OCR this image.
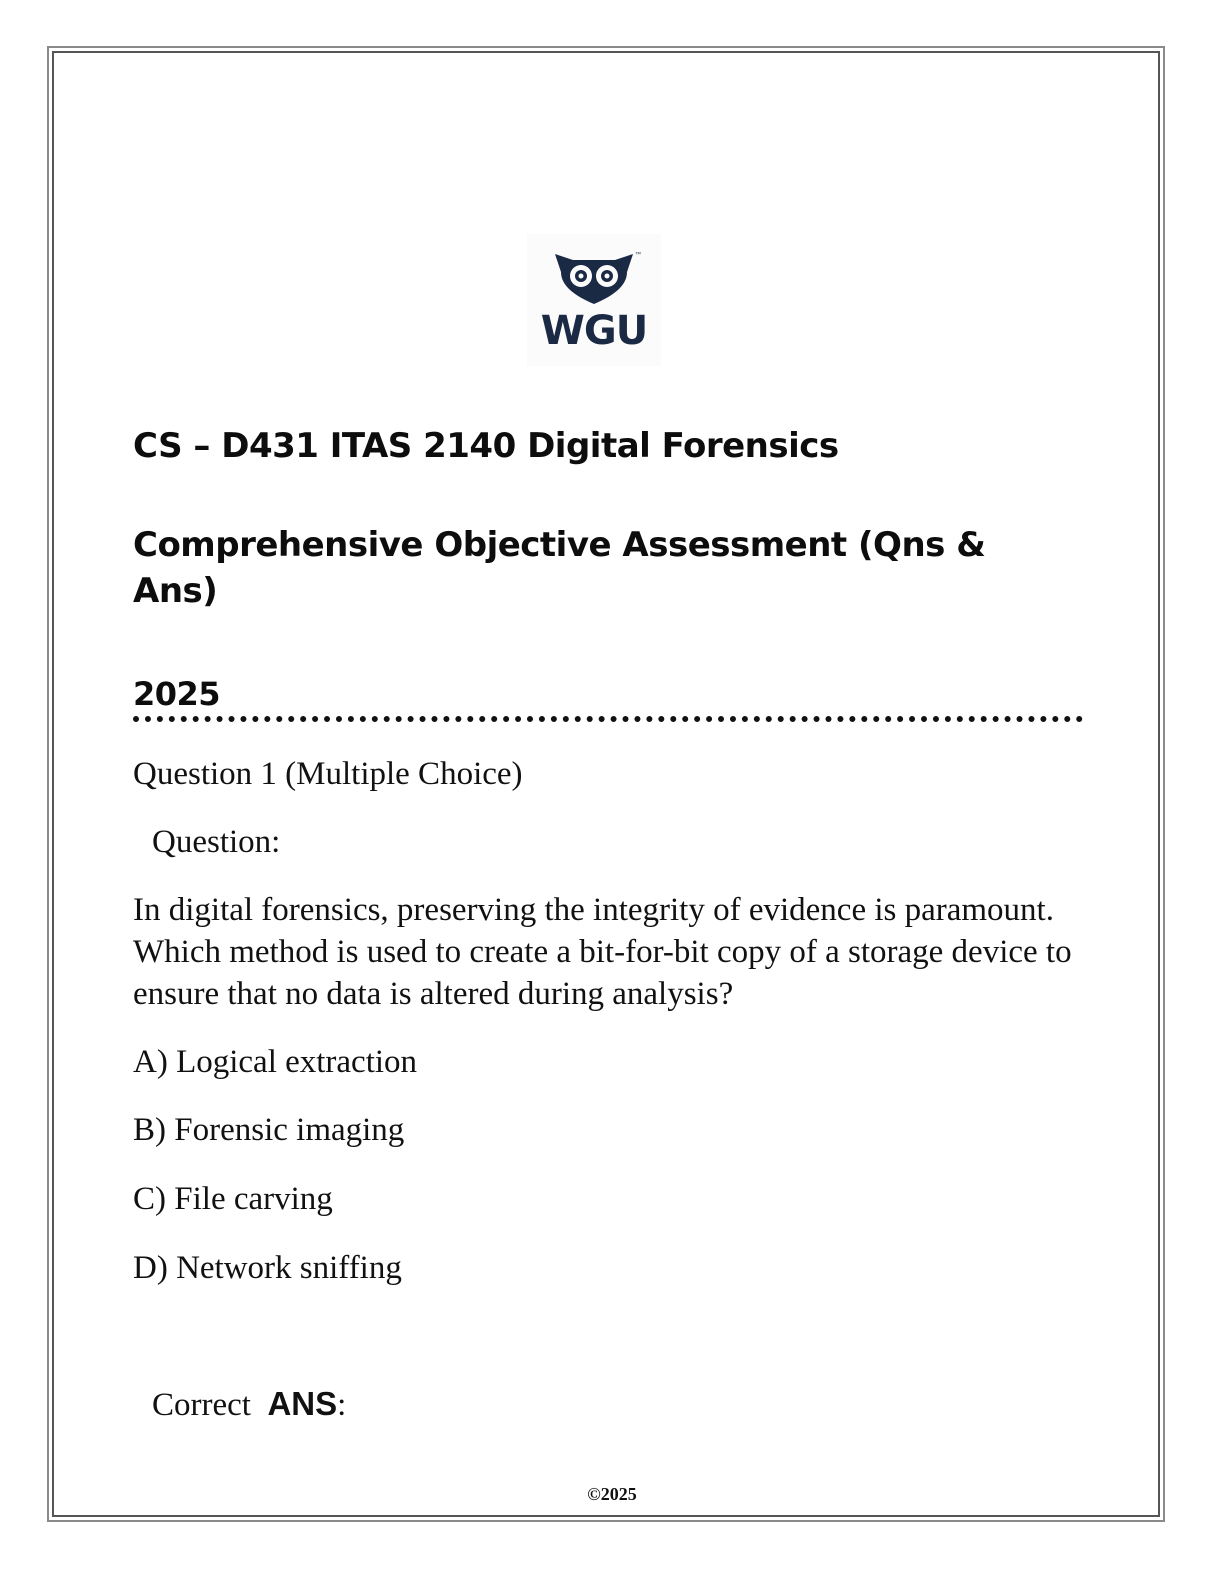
™
WGU
CS – D431 ITAS 2140 Digital Forensics
Comprehensive Objective Assessment (Qns & Ans)
2025
Question 1 (Multiple Choice)
Question:
In digital forensics, preserving the integrity of evidence is paramount. Which method is used to create a bit-for-bit copy of a storage device to ensure that no data is altered during analysis?
A) Logical extraction
B) Forensic imaging
C) File carving
D) Network sniffing
Correct ANS:
©2025
